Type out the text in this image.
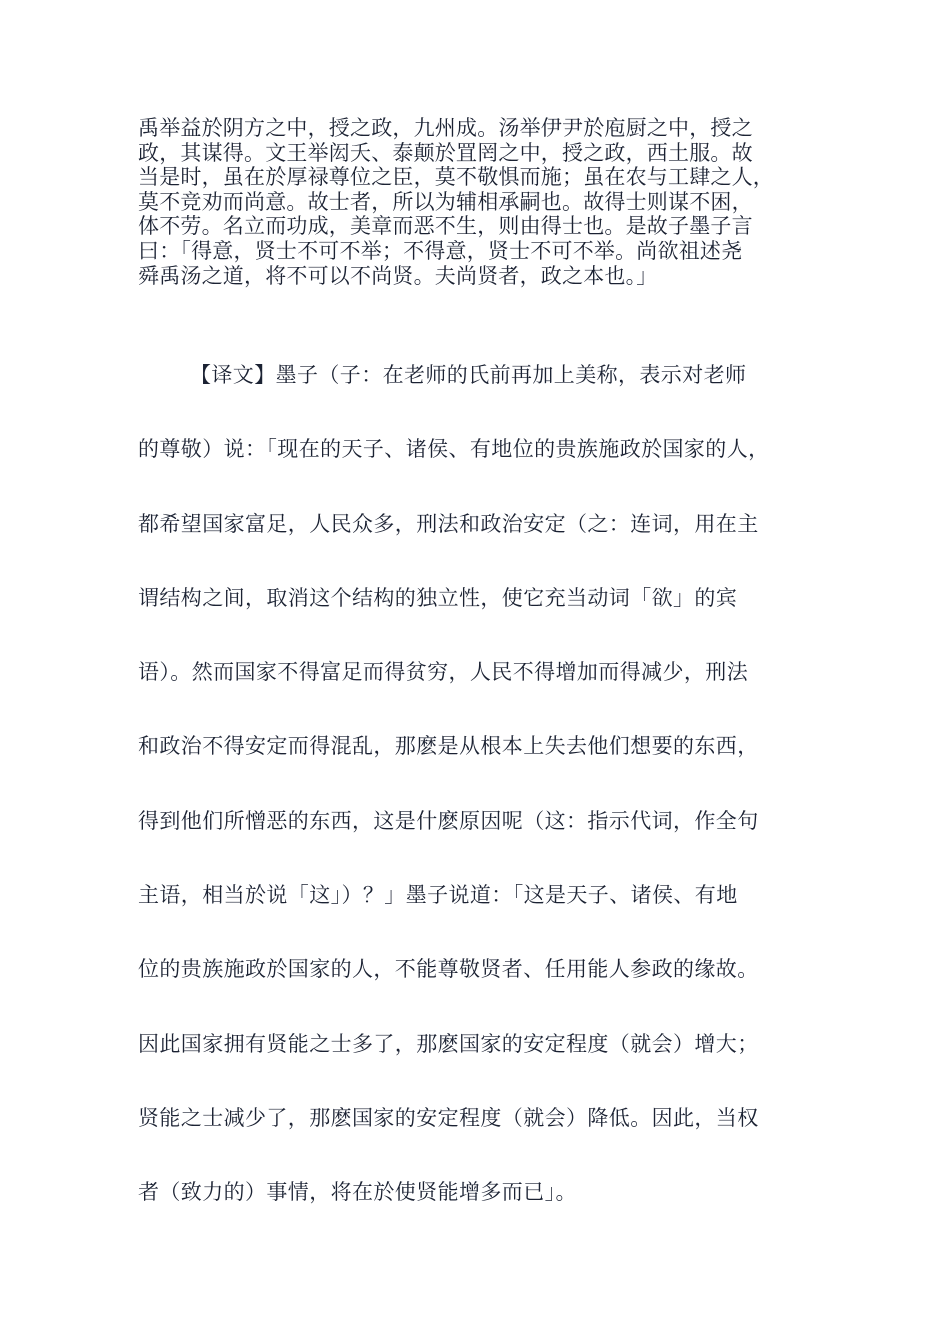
禹举益於阴方之中，授之政，九州成。汤举伊尹於庖厨之中，授之
政，其谋得。文王举闳夭、泰颠於罝罔之中，授之政，西土服。故
当是时，虽在於厚禄尊位之臣，莫不敬惧而施；虽在农与工肆之人，
莫不竞劝而尚意。故士者，所以为辅相承嗣也。故得士则谋不困，
体不劳。名立而功成，美章而恶不生，则由得士也。是故子墨子言
曰：「得意，贤士不可不举；不得意，贤士不可不举。尚欲祖述尧
舜禹汤之道，将不可以不尚贤。夫尚贤者，政之本也。」
【译文】墨子（子：在老师的氏前再加上美称，表示对老师
的尊敬）说：「现在的天子、诸侯、有地位的贵族施政於国家的人，
都希望国家富足，人民众多，刑法和政治安定（之：连词，用在主
谓结构之间，取消这个结构的独立性，使它充当动词「欲」的宾
语）。然而国家不得富足而得贫穷，人民不得增加而得减少，刑法
和政治不得安定而得混乱，那麽是从根本上失去他们想要的东西，
得到他们所憎恶的东西，这是什麽原因呢（这：指示代词，作全句
主语，相当於说「这」）？」墨子说道：「这是天子、诸侯、有地
位的贵族施政於国家的人，不能尊敬贤者、任用能人参政的缘故。
因此国家拥有贤能之士多了，那麽国家的安定程度（就会）增大；
贤能之士减少了，那麽国家的安定程度（就会）降低。因此，当权
者（致力的）事情，将在於使贤能增多而已」。
